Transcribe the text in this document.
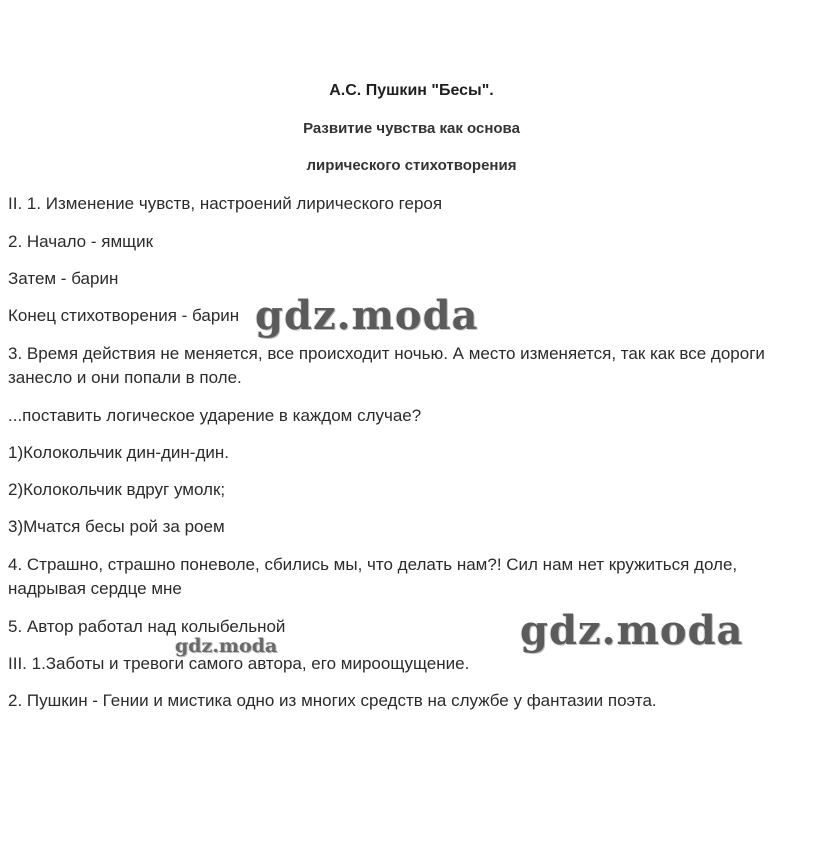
А.С. Пушкин "Бесы".
Развитие чувства как основа
лирического стихотворения
II. 1. Изменение чувств, настроений лирического героя
2. Начало - ямщик
Затем - барин
Конец стихотворения - барин
3. Время действия не меняется, все происходит ночью. А место изменяется, так как все дороги занесло и они попали в поле.
...поставить логическое ударение в каждом случае?
1)Колокольчик дин-дин-дин.
2)Колокольчик вдруг умолк;
3)Мчатся бесы рой за роем
4. Страшно, страшно поневоле, сбились мы, что делать нам?! Сил нам нет кружиться доле, надрывая сердце мне
5. Автор работал над колыбельной
III. 1.Заботы и тревоги самого автора, его мироощущение.
2. Пушкин - Гении и мистика одно из многих средств на службе у фантазии поэта.
gdz.moda
gdz.moda
gdz.moda
